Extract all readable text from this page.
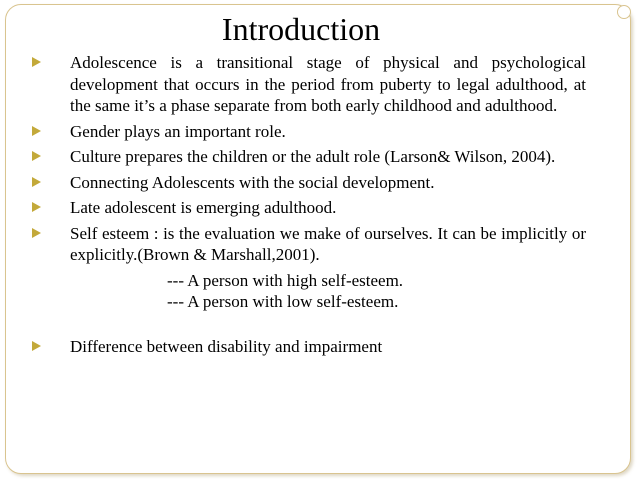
Introduction
Adolescence is a transitional stage of physical and psychological development that occurs in the period from puberty to legal adulthood, at the same it’s a phase separate from both early childhood and adulthood.
Gender plays an important role.
Culture prepares the children or the adult role (Larson& Wilson, 2004).
Connecting Adolescents with the social development.
Late adolescent is emerging adulthood.
Self esteem : is the evaluation we make of ourselves. It can be implicitly or explicitly.(Brown & Marshall,2001).

--- A person with high self-esteem.

--- A person with low self-esteem.

Difference between disability and impairment
